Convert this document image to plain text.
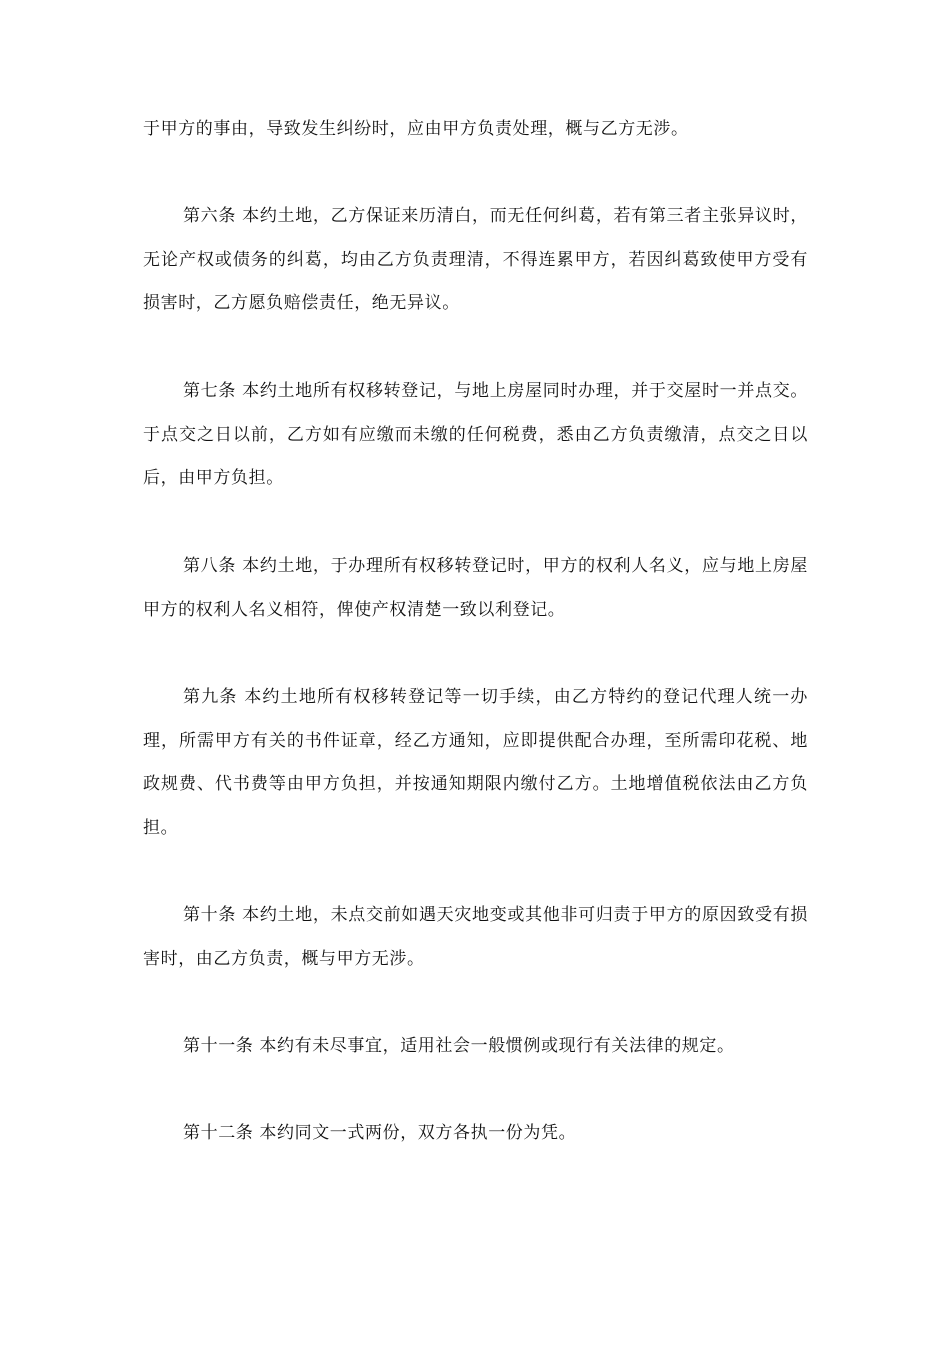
于甲方的事由，导致发生纠纷时，应由甲方负责处理，概与乙方无涉。

第六条 本约土地，乙方保证来历清白，而无任何纠葛，若有第三者主张异议时，无论产权或债务的纠葛，均由乙方负责理清，不得连累甲方，若因纠葛致使甲方受有损害时，乙方愿负赔偿责任，绝无异议。

第七条 本约土地所有权移转登记，与地上房屋同时办理，并于交屋时一并点交。于点交之日以前，乙方如有应缴而未缴的任何税费，悉由乙方负责缴清，点交之日以后，由甲方负担。

第八条 本约土地，于办理所有权移转登记时，甲方的权利人名义，应与地上房屋甲方的权利人名义相符，俾使产权清楚一致以利登记。

第九条 本约土地所有权移转登记等一切手续，由乙方特约的登记代理人统一办理，所需甲方有关的书件证章，经乙方通知，应即提供配合办理，至所需印花税、地政规费、代书费等由甲方负担，并按通知期限内缴付乙方。土地增值税依法由乙方负担。

第十条 本约土地，未点交前如遇天灾地变或其他非可归责于甲方的原因致受有损害时，由乙方负责，概与甲方无涉。

第十一条 本约有未尽事宜，适用社会一般惯例或现行有关法律的规定。

第十二条 本约同文一式两份，双方各执一份为凭。
